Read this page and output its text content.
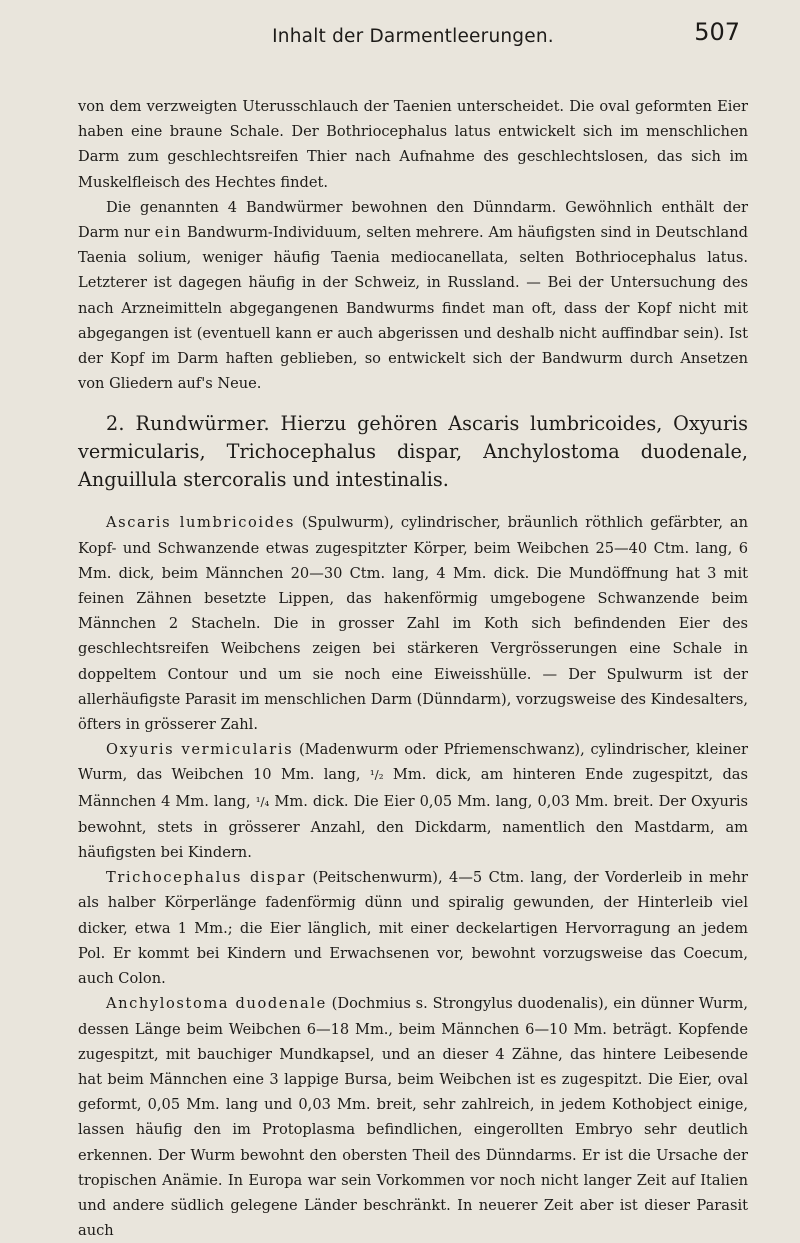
Inhalt der Darmentleerungen.	507

von dem verzweigten Uterusschlauch der Taenien unterscheidet. Die oval geformten Eier haben eine braune Schale. Der Bothriocephalus latus entwickelt sich im menschlichen Darm zum geschlechtsreifen Thier nach Aufnahme des geschlechtslosen, das sich im Muskelfleisch des Hechtes findet.

Die genannten 4 Bandwürmer bewohnen den Dünndarm. Gewöhnlich enthält der Darm nur ein Bandwurm-Individuum, selten mehrere. Am häufigsten sind in Deutschland Taenia solium, weniger häufig Taenia mediocanellata, selten Bothriocephalus latus. Letzterer ist dagegen häufig in der Schweiz, in Russland. — Bei der Untersuchung des nach Arzneimitteln abgegangenen Bandwurms findet man oft, dass der Kopf nicht mit abgegangen ist (eventuell kann er auch abgerissen und deshalb nicht auffindbar sein). Ist der Kopf im Darm haften geblieben, so entwickelt sich der Bandwurm durch Ansetzen von Gliedern auf's Neue.

2. Rundwürmer. Hierzu gehören Ascaris lumbricoides, Oxyuris vermicularis, Trichocephalus dispar, Anchylostoma duodenale, Anguillula stercoralis und intestinalis.

Ascaris lumbricoides (Spulwurm), cylindrischer, bräunlich röthlich gefärbter, an Kopf- und Schwanzende etwas zugespitzter Körper, beim Weibchen 25—40 Ctm. lang, 6 Mm. dick, beim Männchen 20—30 Ctm. lang, 4 Mm. dick. Die Mundöffnung hat 3 mit feinen Zähnen besetzte Lippen, das hakenförmig umgebogene Schwanzende beim Männchen 2 Stacheln. Die in grosser Zahl im Koth sich befindenden Eier des geschlechtsreifen Weibchens zeigen bei stärkeren Vergrösserungen eine Schale in doppeltem Contour und um sie noch eine Eiweisshülle. — Der Spulwurm ist der allerhäufigste Parasit im menschlichen Darm (Dünndarm), vorzugsweise des Kindesalters, öfters in grösserer Zahl.

Oxyuris vermicularis (Madenwurm oder Pfriemenschwanz), cylindrischer, kleiner Wurm, das Weibchen 10 Mm. lang, ¹/₂ Mm. dick, am hinteren Ende zugespitzt, das Männchen 4 Mm. lang, ¹/₄ Mm. dick. Die Eier 0,05 Mm. lang, 0,03 Mm. breit. Der Oxyuris bewohnt, stets in grösserer Anzahl, den Dickdarm, namentlich den Mastdarm, am häufigsten bei Kindern.

Trichocephalus dispar (Peitschenwurm), 4—5 Ctm. lang, der Vorderleib in mehr als halber Körperlänge fadenförmig dünn und spiralig gewunden, der Hinterleib viel dicker, etwa 1 Mm.; die Eier länglich, mit einer deckelartigen Hervorragung an jedem Pol. Er kommt bei Kindern und Erwachsenen vor, bewohnt vorzugsweise das Coecum, auch Colon.

Anchylostoma duodenale (Dochmius s. Strongylus duodenalis), ein dünner Wurm, dessen Länge beim Weibchen 6—18 Mm., beim Männchen 6—10 Mm. beträgt. Kopfende zugespitzt, mit bauchiger Mundkapsel, und an dieser 4 Zähne, das hintere Leibesende hat beim Männchen eine 3 lappige Bursa, beim Weibchen ist es zugespitzt. Die Eier, oval geformt, 0,05 Mm. lang und 0,03 Mm. breit, sehr zahlreich, in jedem Kothobject einige, lassen häufig den im Protoplasma befindlichen, eingerollten Embryo sehr deutlich erkennen. Der Wurm bewohnt den obersten Theil des Dünndarms. Er ist die Ursache der tropischen Anämie. In Europa war sein Vorkommen vor noch nicht langer Zeit auf Italien und andere südlich gelegene Länder beschränkt. In neuerer Zeit aber ist dieser Parasit auch
